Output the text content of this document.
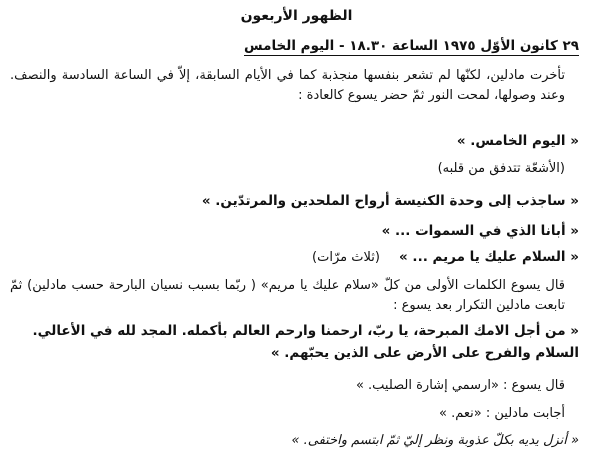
الظهور الأربعون
٢٩ كانون الأوّل ١٩٧٥ الساعة ١٨.٣٠ - اليوم الخامس

تأخرت مادلين، لكنّها لم تشعر بنفسها منجذبة كما في الأيام السابقة، إلاّ في الساعة السادسة والنصف. وعند وصولها، لمحت النور ثمّ حضر يسوع كالعادة :

« اليوم الخامس. »

(الأشعّة تتدفق من قلبه)

« ساجذب إلى وحدة الكنيسة أرواح الملحدين والمرتدّين. »

« أبانا الذي في السموات ... »

« السلام عليك يا مريم ... » (ثلاث مرّات)

قال يسوع الكلمات الأولى من كلّ «سلام عليك يا مريم» ( ربّما بسبب نسيان البارحة حسب مادلين) ثمّ تابعت مادلين التكرار بعد يسوع :

« من أجل الامك المبرحة، يا ربّ، ارحمنا وارحم العالم بأكمله. المجد لله في الأعالي. السلام والفرح على الأرض على الذين يحبّهم. »

قال يسوع : «ارسمي إشارة الصليب. »

أجابت مادلين : «نعم. »

« أنزل يديه بكلّ عذوبة ونظر إليّ ثمّ ابتسم واختفى. »
